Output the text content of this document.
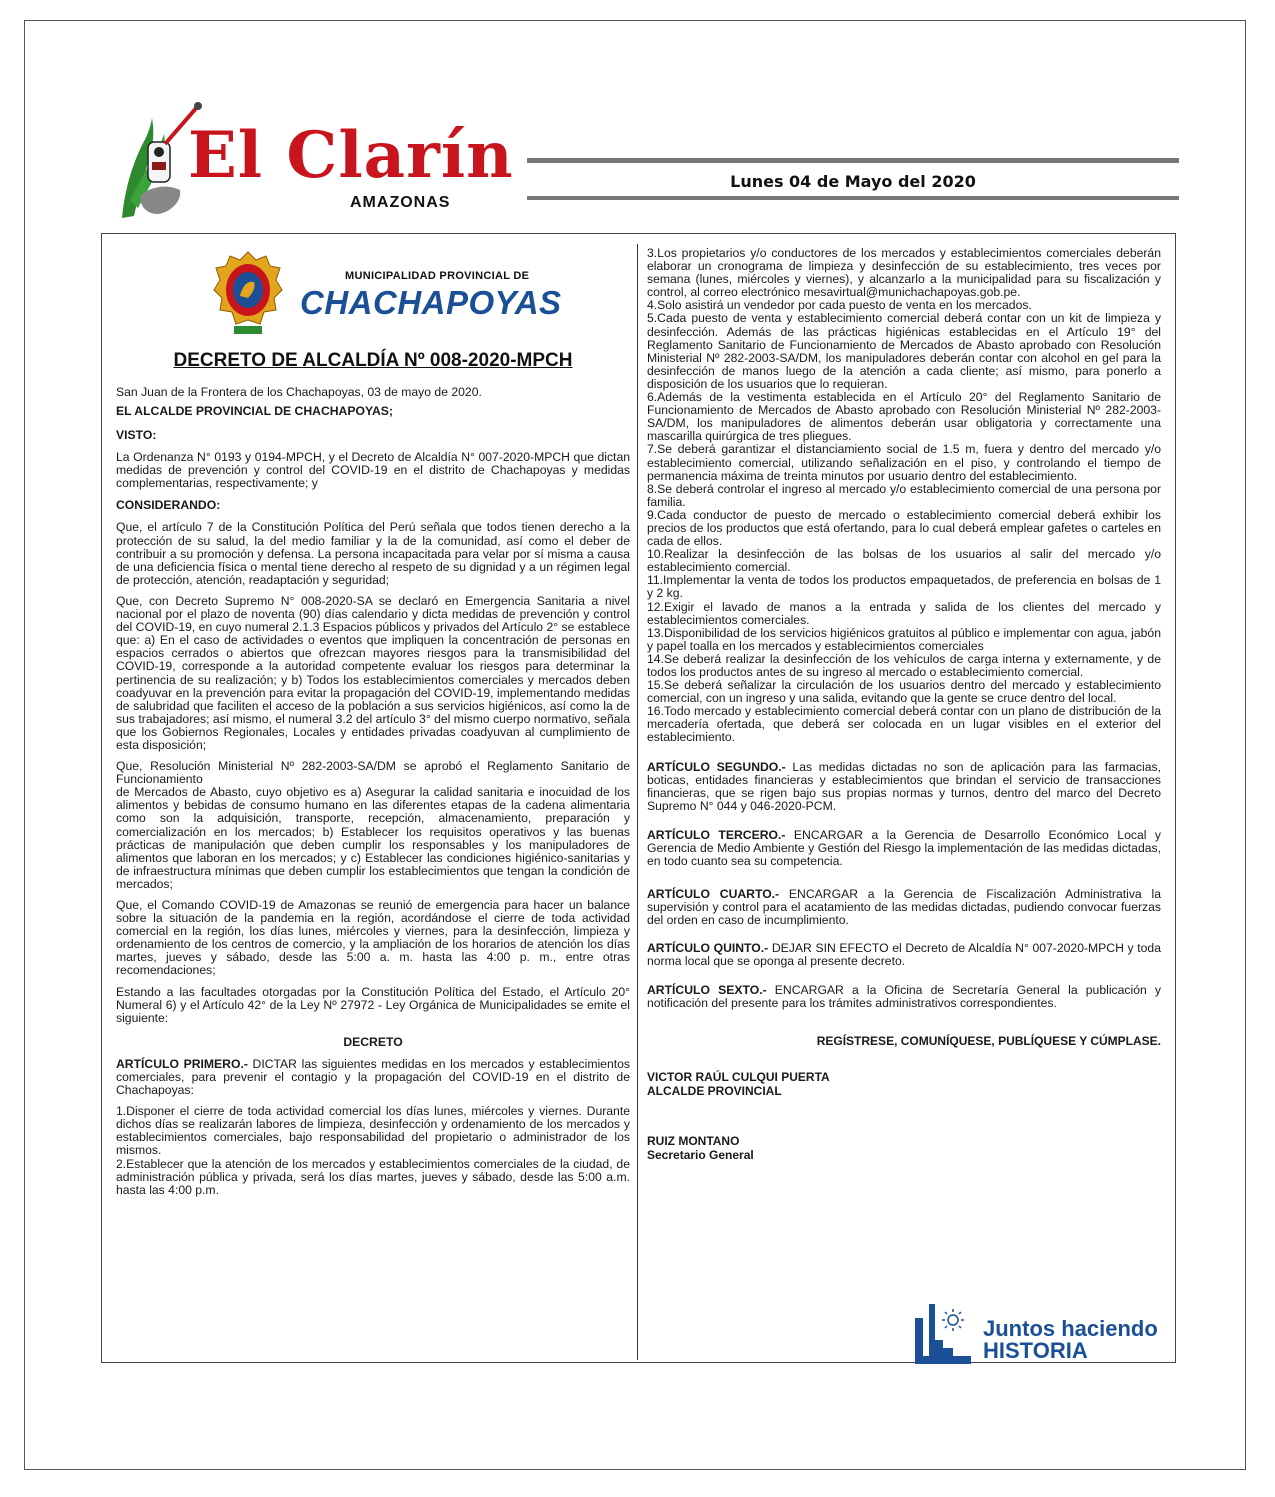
El Clarín
AMAZONAS
Lunes 04 de Mayo del 2020
MUNICIPALIDAD PROVINCIAL DE
CHACHAPOYAS
DECRETO DE ALCALDÍA Nº 008-2020-MPCH

San Juan de la Frontera de los Chachapoyas, 03 de mayo de 2020.

EL ALCALDE PROVINCIAL DE CHACHAPOYAS;

VISTO:

La Ordenanza N° 0193 y 0194-MPCH, y el Decreto de Alcaldía N° 007-2020-MPCH que dictan medidas de prevención y control del COVID-19 en el distrito de Chachapoyas y medidas complementarias, respectivamente; y

CONSIDERANDO:

Que, el artículo 7 de la Constitución Política del Perú señala que todos tienen derecho a la protección de su salud, la del medio familiar y la de la comunidad, así como el deber de contribuir a su promoción y defensa. La persona incapacitada para velar por sí misma a causa de una deficiencia física o mental tiene derecho al respeto de su dignidad y a un régimen legal de protección, atención, readaptación y seguridad;

Que, con Decreto Supremo N° 008-2020-SA se declaró en Emergencia Sanitaria a nivel nacional por el plazo de noventa (90) días calendario y dicta medidas de prevención y control del COVID-19, en cuyo numeral 2.1.3 Espacios públicos y privados del Artículo 2° se establece que: a) En el caso de actividades o eventos que impliquen la concentración de personas en espacios cerrados o abiertos que ofrezcan mayores riesgos para la transmisibilidad del COVID-19, corresponde a la autoridad competente evaluar los riesgos para determinar la pertinencia de su realización; y b) Todos los establecimientos comerciales y mercados deben coadyuvar en la prevención para evitar la propagación del COVID-19, implementando medidas de salubridad que faciliten el acceso de la población a sus servicios higiénicos, así como la de sus trabajadores; así mismo, el numeral 3.2 del artículo 3° del mismo cuerpo normativo, señala que los Gobiernos Regionales, Locales y entidades privadas coadyuvan al cumplimiento de esta disposición;

Que, Resolución Ministerial Nº 282-2003-SA/DM se aprobó el Reglamento Sanitario de Funcionamiento

de Mercados de Abasto, cuyo objetivo es a) Asegurar la calidad sanitaria e inocuidad de los alimentos y bebidas de consumo humano en las diferentes etapas de la cadena alimentaria como son la adquisición, transporte, recepción, almacenamiento, preparación y comercialización en los mercados; b) Establecer los requisitos operativos y las buenas prácticas de manipulación que deben cumplir los responsables y los manipuladores de alimentos que laboran en los mercados; y c) Establecer las condiciones higiénico-sanitarias y de infraestructura mínimas que deben cumplir los establecimientos que tengan la condición de mercados;

Que, el Comando COVID-19 de Amazonas se reunió de emergencia para hacer un balance sobre la situación de la pandemia en la región, acordándose el cierre de toda actividad comercial en la región, los días lunes, miércoles y viernes, para la desinfección, limpieza y ordenamiento de los centros de comercio, y la ampliación de los horarios de atención los días martes, jueves y sábado, desde las 5:00 a. m. hasta las 4:00 p. m., entre otras recomendaciones;

Estando a las facultades otorgadas por la Constitución Política del Estado, el Artículo 20° Numeral 6) y el Artículo 42° de la Ley Nº 27972 - Ley Orgánica de Municipalidades se emite el siguiente:

DECRETO

ARTÍCULO PRIMERO.- DICTAR las siguientes medidas en los mercados y establecimientos comerciales, para prevenir el contagio y la propagación del COVID-19 en el distrito de Chachapoyas:

1.Disponer el cierre de toda actividad comercial los días lunes, miércoles y viernes. Durante dichos días se realizarán labores de limpieza, desinfección y ordenamiento de los mercados y establecimientos comerciales, bajo responsabilidad del propietario o administrador de los mismos.

2.Establecer que la atención de los mercados y establecimientos comerciales de la ciudad, de administración pública y privada, será los días martes, jueves y sábado, desde las 5:00 a.m. hasta las 4:00 p.m.

3.Los propietarios y/o conductores de los mercados y establecimientos comerciales deberán elaborar un cronograma de limpieza y desinfección de su establecimiento, tres veces por semana (lunes, miércoles y viernes), y alcanzarlo a la municipalidad para su fiscalización y control, al correo electrónico mesavirtual@munichachapoyas.gob.pe.

4.Solo asistirá un vendedor por cada puesto de venta en los mercados.

5.Cada puesto de venta y establecimiento comercial deberá contar con un kit de limpieza y desinfección. Además de las prácticas higiénicas establecidas en el Artículo 19° del Reglamento Sanitario de Funcionamiento de Mercados de Abasto aprobado con Resolución Ministerial Nº 282-2003-SA/DM, los manipuladores deberán contar con alcohol en gel para la desinfección de manos luego de la atención a cada cliente; así mismo, para ponerlo a disposición de los usuarios que lo requieran.

6.Además de la vestimenta establecida en el Artículo 20° del Reglamento Sanitario de Funcionamiento de Mercados de Abasto aprobado con Resolución Ministerial Nº 282-2003-SA/DM, los manipuladores de alimentos deberán usar obligatoria y correctamente una mascarilla quirúrgica de tres pliegues.

7.Se deberá garantizar el distanciamiento social de 1.5 m, fuera y dentro del mercado y/o establecimiento comercial, utilizando señalización en el piso, y controlando el tiempo de permanencia máxima de treinta minutos por usuario dentro del establecimiento.

8.Se deberá controlar el ingreso al mercado y/o establecimiento comercial de una persona por familia.

9.Cada conductor de puesto de mercado o establecimiento comercial deberá exhibir los precios de los productos que está ofertando, para lo cual deberá emplear gafetes o carteles en cada de ellos.

10.Realizar la desinfección de las bolsas de los usuarios al salir del mercado y/o establecimiento comercial.

11.Implementar la venta de todos los productos empaquetados, de preferencia en bolsas de 1 y 2 kg.

12.Exigir el lavado de manos a la entrada y salida de los clientes del mercado y establecimientos comerciales.

13.Disponibilidad de los servicios higiénicos gratuitos al público e implementar con agua, jabón y papel toalla en los mercados y establecimientos comerciales

14.Se deberá realizar la desinfección de los vehículos de carga interna y externamente, y de todos los productos antes de su ingreso al mercado o establecimiento comercial.

15.Se deberá señalizar la circulación de los usuarios dentro del mercado y establecimiento comercial, con un ingreso y una salida, evitando que la gente se cruce dentro del local.

16.Todo mercado y establecimiento comercial deberá contar con un plano de distribución de la mercadería ofertada, que deberá ser colocada en un lugar visibles en el exterior del establecimiento.

ARTÍCULO SEGUNDO.- Las medidas dictadas no son de aplicación para las farmacias, boticas, entidades financieras y establecimientos que brindan el servicio de transacciones financieras, que se rigen bajo sus propias normas y turnos, dentro del marco del Decreto Supremo N° 044 y 046-2020-PCM.

ARTÍCULO TERCERO.- ENCARGAR a la Gerencia de Desarrollo Económico Local y Gerencia de Medio Ambiente y Gestión del Riesgo la implementación de las medidas dictadas, en todo cuanto sea su competencia.

ARTÍCULO CUARTO.- ENCARGAR a la Gerencia de Fiscalización Administrativa la supervisión y control para el acatamiento de las medidas dictadas, pudiendo convocar fuerzas del orden en caso de incumplimiento.

ARTÍCULO QUINTO.- DEJAR SIN EFECTO el Decreto de Alcaldía N° 007-2020-MPCH y toda norma local que se oponga al presente decreto.

ARTÍCULO SEXTO.- ENCARGAR a la Oficina de Secretaría General la publicación y notificación del presente para los trámites administrativos correspondientes.

REGÍSTRESE, COMUNÍQUESE, PUBLÍQUESE Y CÚMPLASE.

VICTOR RAÚL CULQUI PUERTA

ALCALDE PROVINCIAL

RUIZ MONTANO

Secretario General

Juntos haciendo
HISTORIA
